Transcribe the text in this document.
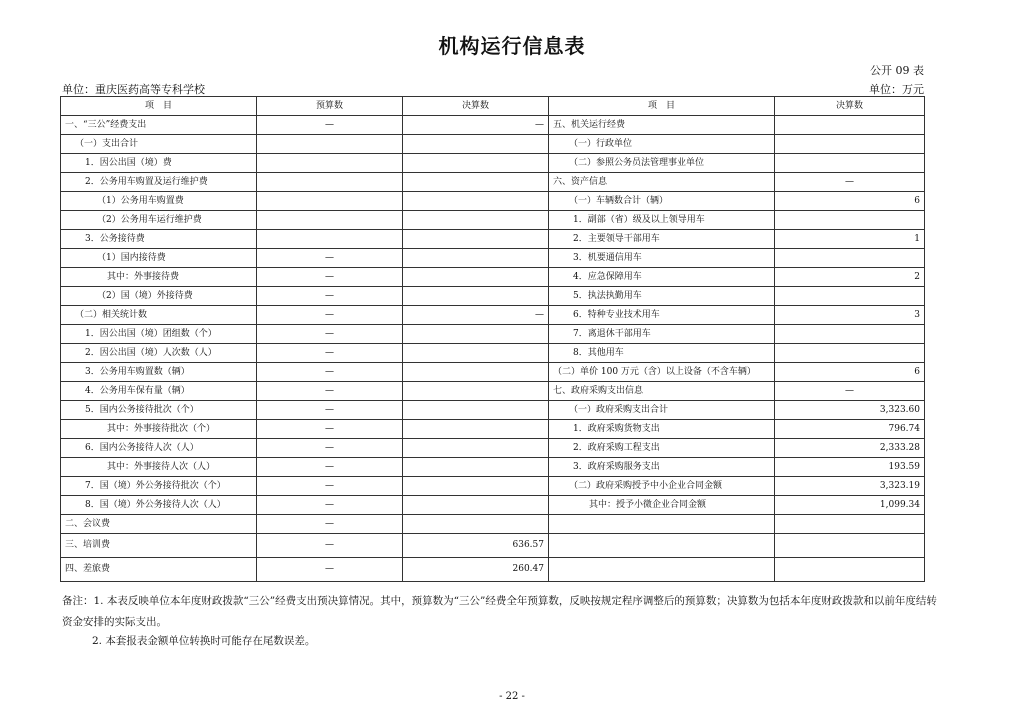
机构运行信息表
公开 09 表
单位：重庆医药高等专科学校	单位：万元
项　目	预算数	决算数	项　目	决算数
一、“三公”经费支出	—	—	五、机关运行经费	
（一）支出合计			（一）行政单位	
1．因公出国（境）费			（二）参照公务员法管理事业单位	
2．公务用车购置及运行维护费			六、资产信息	—
（1）公务用车购置费			（一）车辆数合计（辆）	6
（2）公务用车运行维护费			1．副部（省）级及以上领导用车	
3．公务接待费			2．主要领导干部用车	1
（1）国内接待费	—		3．机要通信用车	
其中：外事接待费	—		4．应急保障用车	2
（2）国（境）外接待费	—		5．执法执勤用车	
（二）相关统计数	—	—	6．特种专业技术用车	3
1．因公出国（境）团组数（个）	—		7．离退休干部用车	
2．因公出国（境）人次数（人）	—		8．其他用车	
3．公务用车购置数（辆）	—		（二）单价 100 万元（含）以上设备（不含车辆）	6
4．公务用车保有量（辆）	—		七、政府采购支出信息	—
5．国内公务接待批次（个）	—		（一）政府采购支出合计	3,323.60
其中：外事接待批次（个）	—		1．政府采购货物支出	796.74
6．国内公务接待人次（人）	—		2．政府采购工程支出	2,333.28
其中：外事接待人次（人）	—		3．政府采购服务支出	193.59
7．国（境）外公务接待批次（个）	—		（二）政府采购授予中小企业合同金额	3,323.19
8．国（境）外公务接待人次（人）	—		其中：授予小微企业合同金额	1,099.34
二、会议费	—			
三、培训费	—	636.57		
四、差旅费	—	260.47		
备注：1. 本表反映单位本年度财政拨款“三公”经费支出预决算情况。其中，预算数为“三公”经费全年预算数，反映按规定程序调整后的预算数；决算数为包括本年度财政拨款和以前年度结转
资金安排的实际支出。
2. 本套报表金额单位转换时可能存在尾数误差。
- 22 -
